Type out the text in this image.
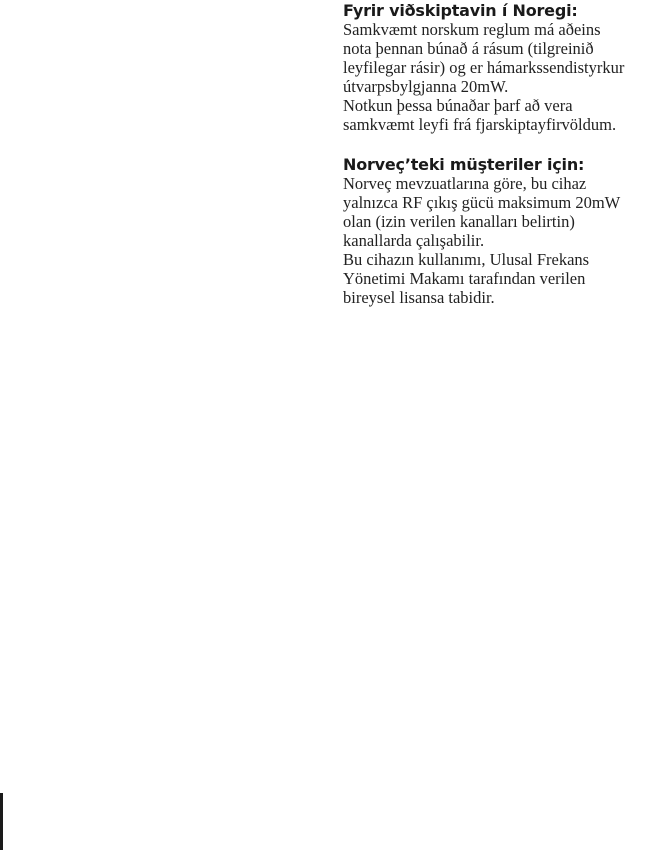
Fyrir viðskiptavin í Noregi:

Samkvæmt norskum reglum má aðeins
nota þennan búnað á rásum (tilgreinið
leyfilegar rásir) og er hámarkssendistyrkur
útvarpsbylgjanna 20mW.

Notkun þessa búnaðar þarf að vera
samkvæmt leyfi frá fjarskiptayfirvöldum.

Norveç’teki müşteriler için:

Norveç mevzuatlarına göre, bu cihaz
yalnızca RF çıkış gücü maksimum 20mW
olan (izin verilen kanalları belirtin)
kanallarda çalışabilir.

Bu cihazın kullanımı, Ulusal Frekans
Yönetimi Makamı tarafından verilen
bireysel lisansa tabidir.
